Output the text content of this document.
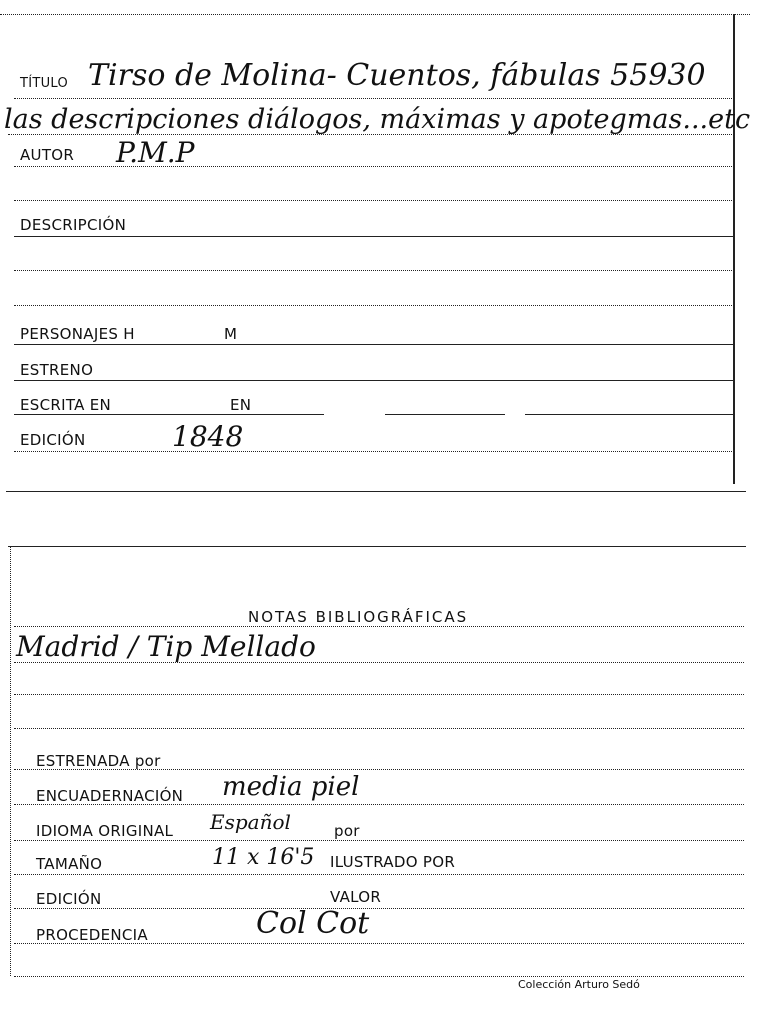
TÍTULO Tirso de Molina- Cuentos, fábulas 55930
las descripciones diálogos, máximas y apotegmas...etc
AUTOR P.M.P
DESCRIPCIÓN
PERSONAJES H	M
ESTRENO
ESCRITA EN	EN
EDICIÓN	1848
NOTAS BIBLIOGRÁFICAS
Madrid / Tip Mellado
ESTRENADA por
ENCUADERNACIÓN media piel
IDIOMA ORIGINAL Español	por
TAMAÑO	11 x 16'5 ILUSTRADO POR
EDICIÓN	VALOR
PROCEDENCIA	Col Cot
Colección Arturo Sedó
